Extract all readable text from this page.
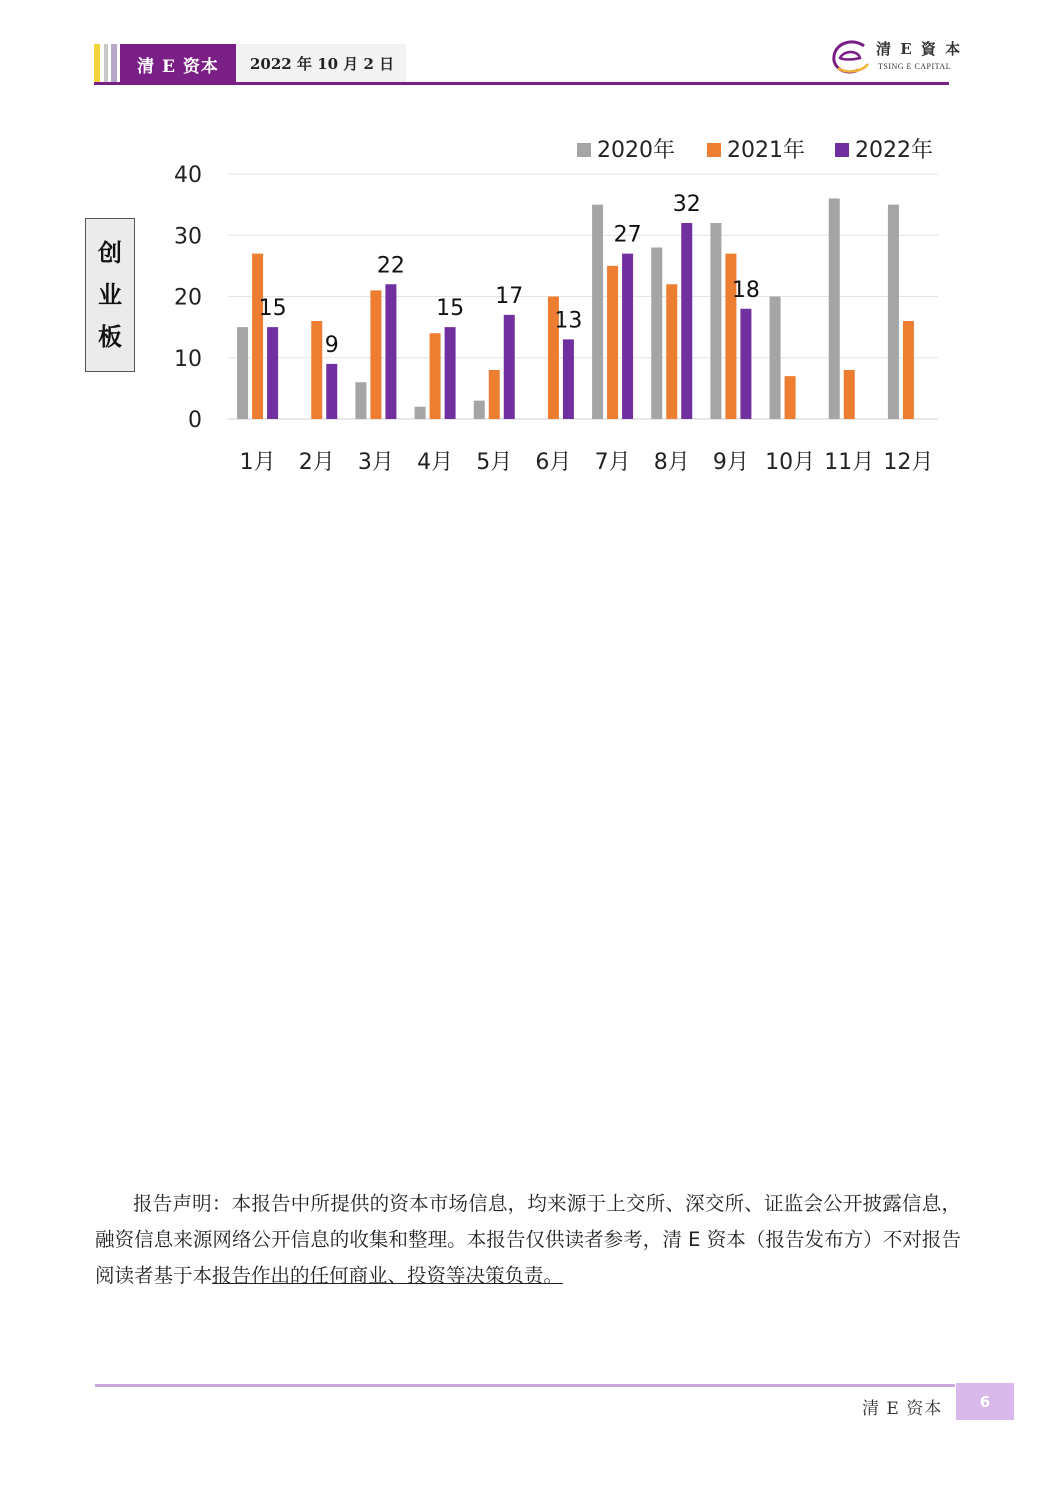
清 E 资本	2022 年 10 月 2 日
清 E 資 本
TSING E CAPITAL
创
业
板
0
10
20
30
40
15
1月
9
2月
22
3月
15
4月
17
5月
13
6月
27
7月
32
8月
18
9月 10月 11月 12月
2020年 2021年 2022年
报告声明：本报告中所提供的资本市场信息，均来源于上交所、深交所、证监会公开披露信息，融资信息来源网络公开信息的收集和整理。本报告仅供读者参考，清 E 资本（报告发布方）不对报告阅读者基于本报告作出的任何商业、投资等决策负责。
清 E 资本	6
